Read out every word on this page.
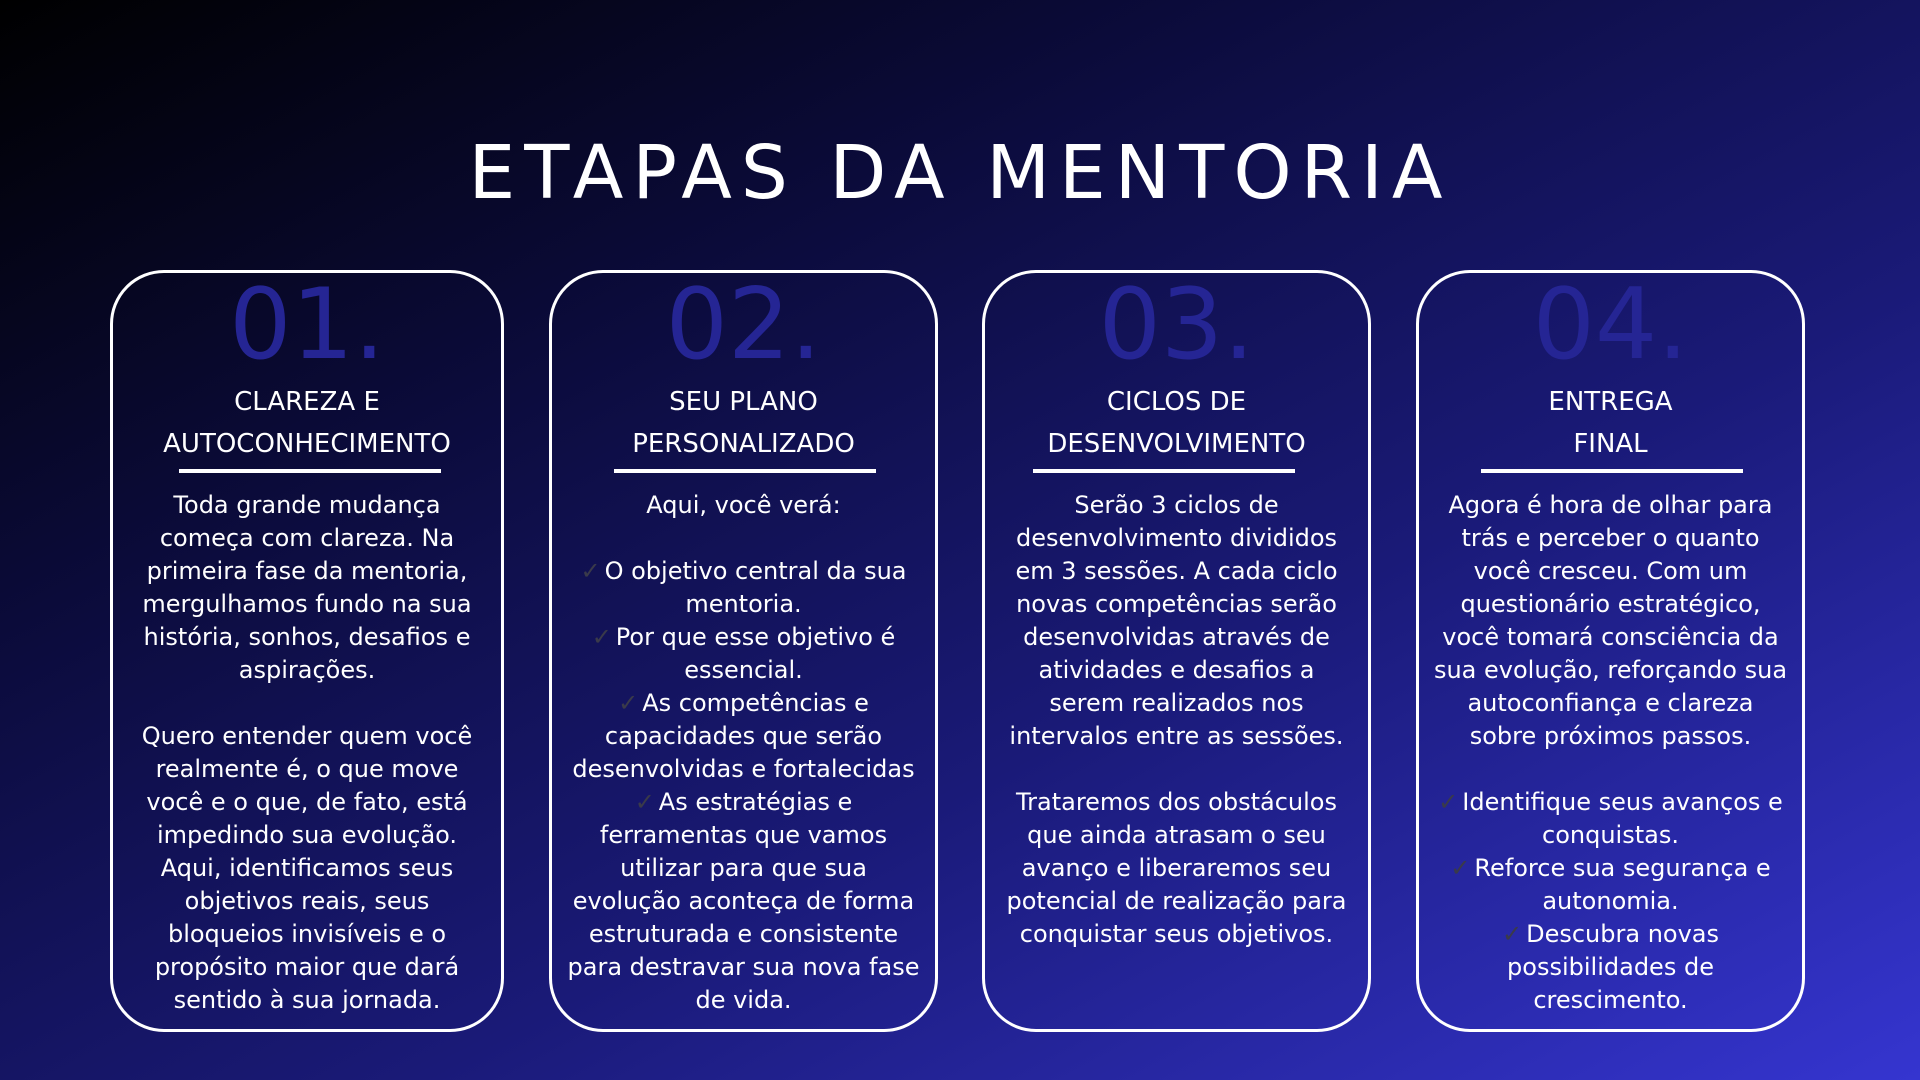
ETAPAS DA MENTORIA
01.
CLAREZA E
AUTOCONHECIMENTO

Toda grande mudança começa com clareza. Na primeira fase da mentoria, mergulhamos fundo na sua história, sonhos, desafios e aspirações.

Quero entender quem você realmente é, o que move você e o que, de fato, está impedindo sua evolução. Aqui, identificamos seus objetivos reais, seus bloqueios invisíveis e o propósito maior que dará sentido à sua jornada.

02.
SEU PLANO
PERSONALIZADO

Aqui, você verá:

✓ O objetivo central da sua mentoria.

✓ Por que esse objetivo é essencial.

✓ As competências e capacidades que serão desenvolvidas e fortalecidas

✓ As estratégias e ferramentas que vamos utilizar para que sua evolução aconteça de forma estruturada e consistente para destravar sua nova fase de vida.

03.
CICLOS DE
DESENVOLVIMENTO

Serão 3 ciclos de desenvolvimento divididos em 3 sessões. A cada ciclo novas competências serão desenvolvidas através de atividades e desafios a serem realizados nos intervalos entre as sessões.

Trataremos dos obstáculos que ainda atrasam o seu avanço e liberaremos seu potencial de realização para conquistar seus objetivos.

04.
ENTREGA
FINAL

Agora é hora de olhar para trás e perceber o quanto você cresceu. Com um questionário estratégico, você tomará consciência da sua evolução, reforçando sua autoconfiança e clareza sobre próximos passos.

✓ Identifique seus avanços e conquistas.

✓ Reforce sua segurança e autonomia.

✓ Descubra novas possibilidades de crescimento.
